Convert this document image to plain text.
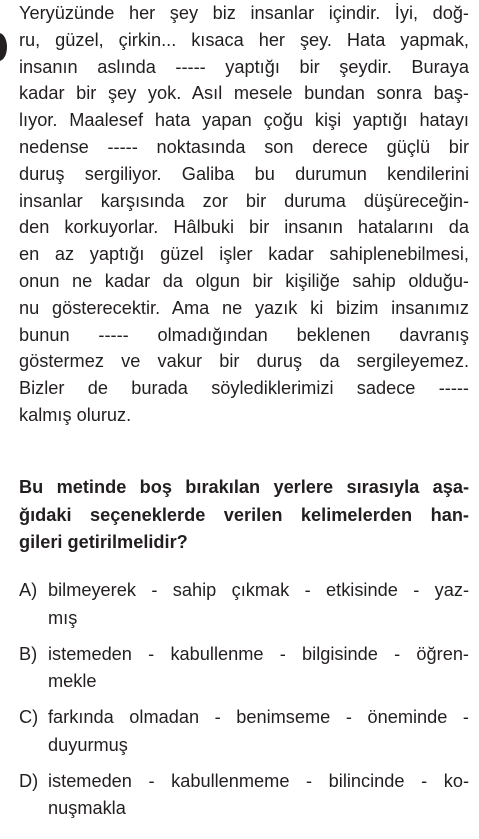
Yeryüzünde her şey biz insanlar içindir. İyi, doğ-
ru, güzel, çirkin... kısaca her şey. Hata yapmak,
insanın aslında ----- yaptığı bir şeydir. Buraya
kadar bir şey yok. Asıl mesele bundan sonra baş-
lıyor. Maalesef hata yapan çoğu kişi yaptığı hatayı
nedense ----- noktasında son derece güçlü bir
duruş sergiliyor. Galiba bu durumun kendilerini
insanlar karşısında zor bir duruma düşüreceğin-
den korkuyorlar. Hâlbuki bir insanın hatalarını da
en az yaptığı güzel işler kadar sahiplenebilmesi,
onun ne kadar da olgun bir kişiliğe sahip olduğu-
nu gösterecektir. Ama ne yazık ki bizim insanımız
bunun ----- olmadığından beklenen davranış
göstermez ve vakur bir duruş da sergileyemez.
Bizler de burada söylediklerimizi sadece -----
kalmış oluruz.
Bu metinde boş bırakılan yerlere sırasıyla aşa-
ğıdaki seçeneklerde verilen kelimelerden han-
gileri getirilmelidir?
A) bilmeyerek - sahip çıkmak - etkisinde - yaz-
mış
B) istemeden - kabullenme - bilgisinde - öğren-
mekle
C) farkında olmadan - benimseme - öneminde -
duyurmuş
D) istemeden - kabullenmeme - bilincinde - ko-
nuşmakla
